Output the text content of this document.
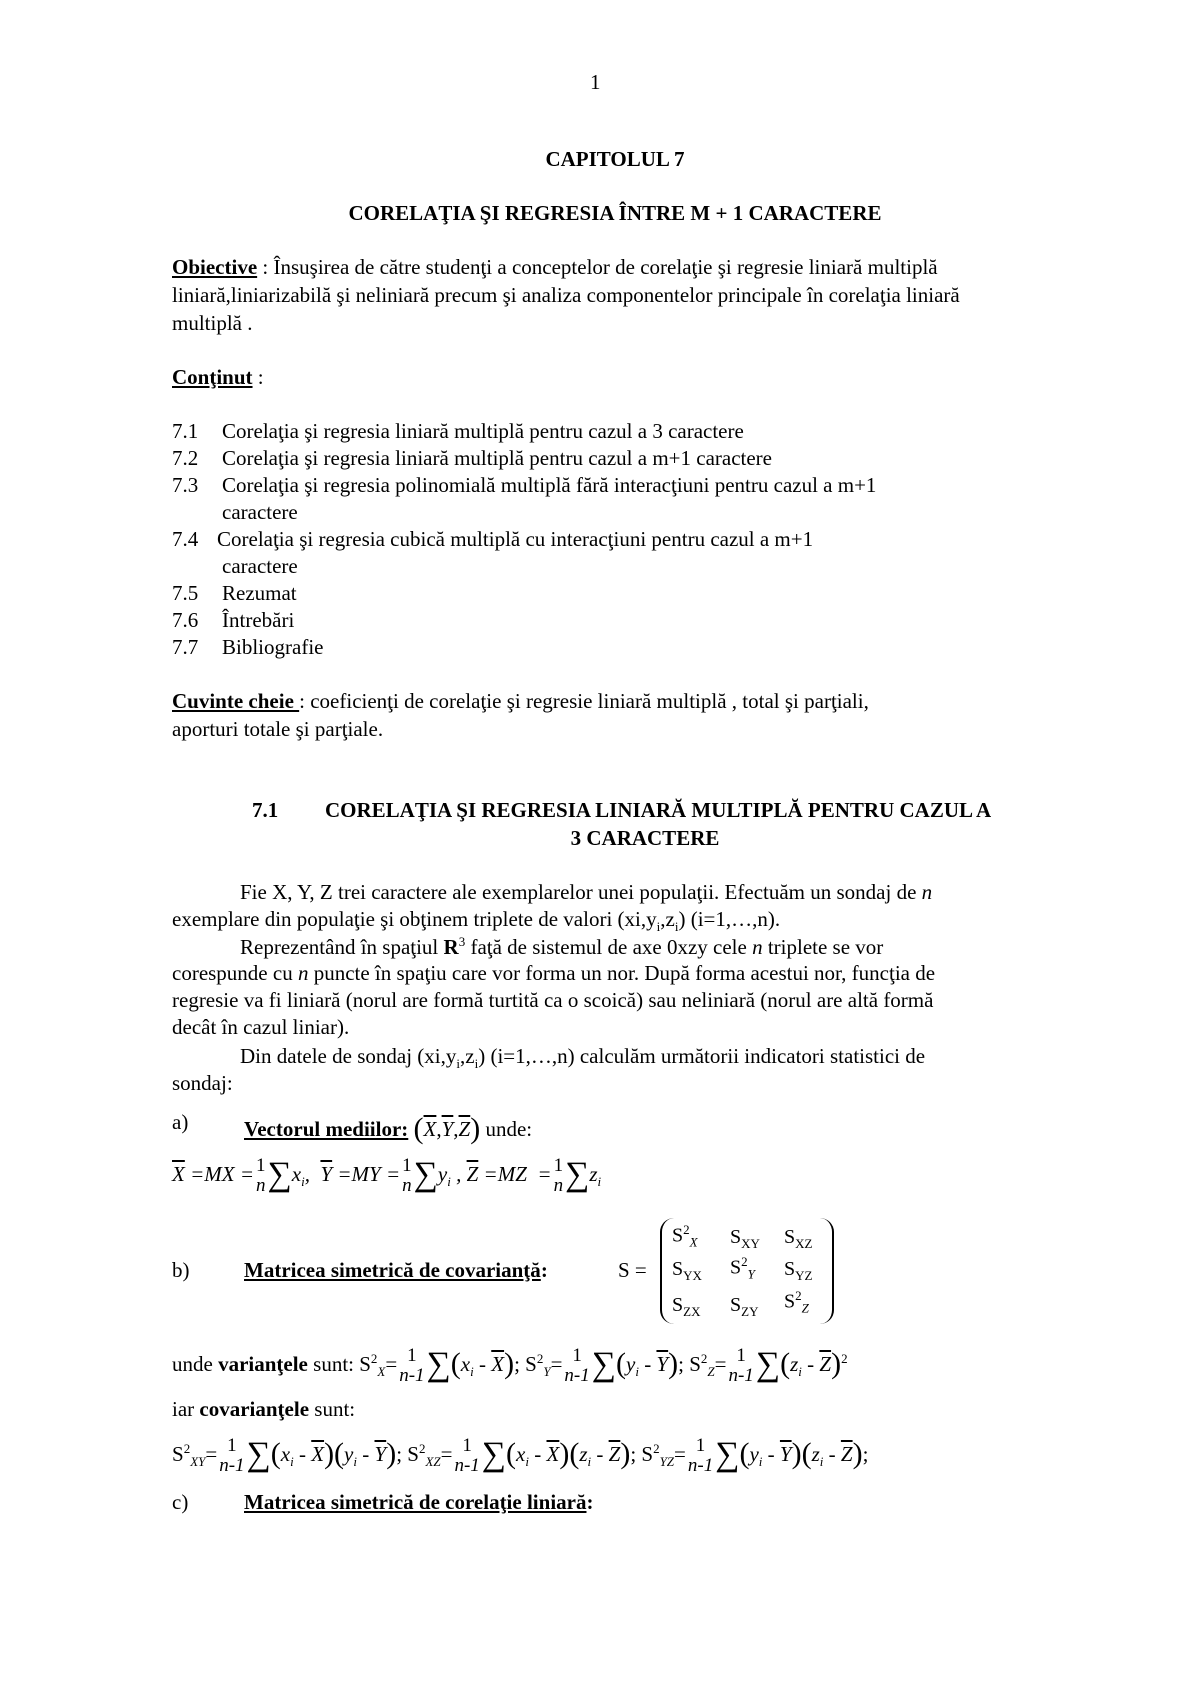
1
CAPITOLUL 7
CORELAŢIA ŞI REGRESIA ÎNTRE M + 1 CARACTERE
Obiective : Însuşirea de către studenţi a conceptelor de corelaţie şi regresie liniară multiplă
liniară,liniarizabilă şi neliniară precum şi analiza componentelor principale în corelaţia liniară
multiplă .
Conţinut :
7.1 Corelaţia şi regresia liniară multiplă pentru cazul a 3 caractere
7.2 Corelaţia şi regresia liniară multiplă pentru cazul a m+1 caractere
7.3 Corelaţia şi regresia polinomială multiplă fără interacţiuni pentru cazul a m+1
caractere
7.4 Corelaţia şi regresia cubică multiplă cu interacţiuni pentru cazul a m+1
caractere
7.5 Rezumat
7.6 Întrebări
7.7 Bibliografie
Cuvinte cheie : coeficienţi de corelaţie şi regresie liniară multiplă , total şi parţiali,
aporturi totale şi parţiale.
7.1 CORELAŢIA ŞI REGRESIA LINIARĂ MULTIPLĂ PENTRU CAZUL A
3 CARACTERE
Fie X, Y, Z trei caractere ale exemplarelor unei populaţii. Efectuăm un sondaj de n
exemplare din populaţie şi obţinem triplete de valori $(xi,y_i,z_i)$ (i=1,…,n).
Reprezentând în spaţiul $R^3$ faţă de sistemul de axe 0xzy cele n triplete se vor
corespunde cu n puncte în spaţiu care vor forma un nor. După forma acestui nor, funcţia de
regresie va fi liniară (norul are formă turtită ca o scoică) sau neliniară (norul are altă formă
decât în cazul liniar).
Din datele de sondaj $(xi,y_i,z_i)$ (i=1,…,n) calculăm următorii indicatori statistici de
sondaj:
a)	Vectorul mediilor: $(\overline{X},\overline{Y},\overline{Z})$ unde:
$\overline{X} =MX = 1$
n $\sum x_i$,  $\overline{Y} =MY = 1$
n $\sum y_i$ , $\overline{Z} =MZ = 1$
n $\sum z_i$
b)	Matricea simetrică de covarianţă:	S =
$S^2_X$ $S_{XY}$ $S_{XZ}$
$S_{YX}$ $S^2_Y$ $S_{YZ}$
$S_{ZX}$ $S_{ZY}$ $S^2_Z$
unde varianţele sunt: $S^2_X= 1$
n-1 $\sum(x_i - \overline{X})$; $S^2_Y= 1$
n-1 $\sum(y_i - \overline{Y})$; $S^2_Z= 1$
n-1 $\sum(z_i - \overline{Z})^2$
iar covarianţele sunt:
$S^2_{XY}= 1$
n-1 $\sum(x_i - \overline{X})(y_i - \overline{Y})$; $S^2_{XZ}= 1$
n-1 $\sum(x_i - \overline{X})(z_i - \overline{Z})$; $S^2_{YZ}= 1$
n-1 $\sum(y_i - \overline{Y})(z_i - \overline{Z})$;
c)	Matricea simetrică de corelaţie liniară:
